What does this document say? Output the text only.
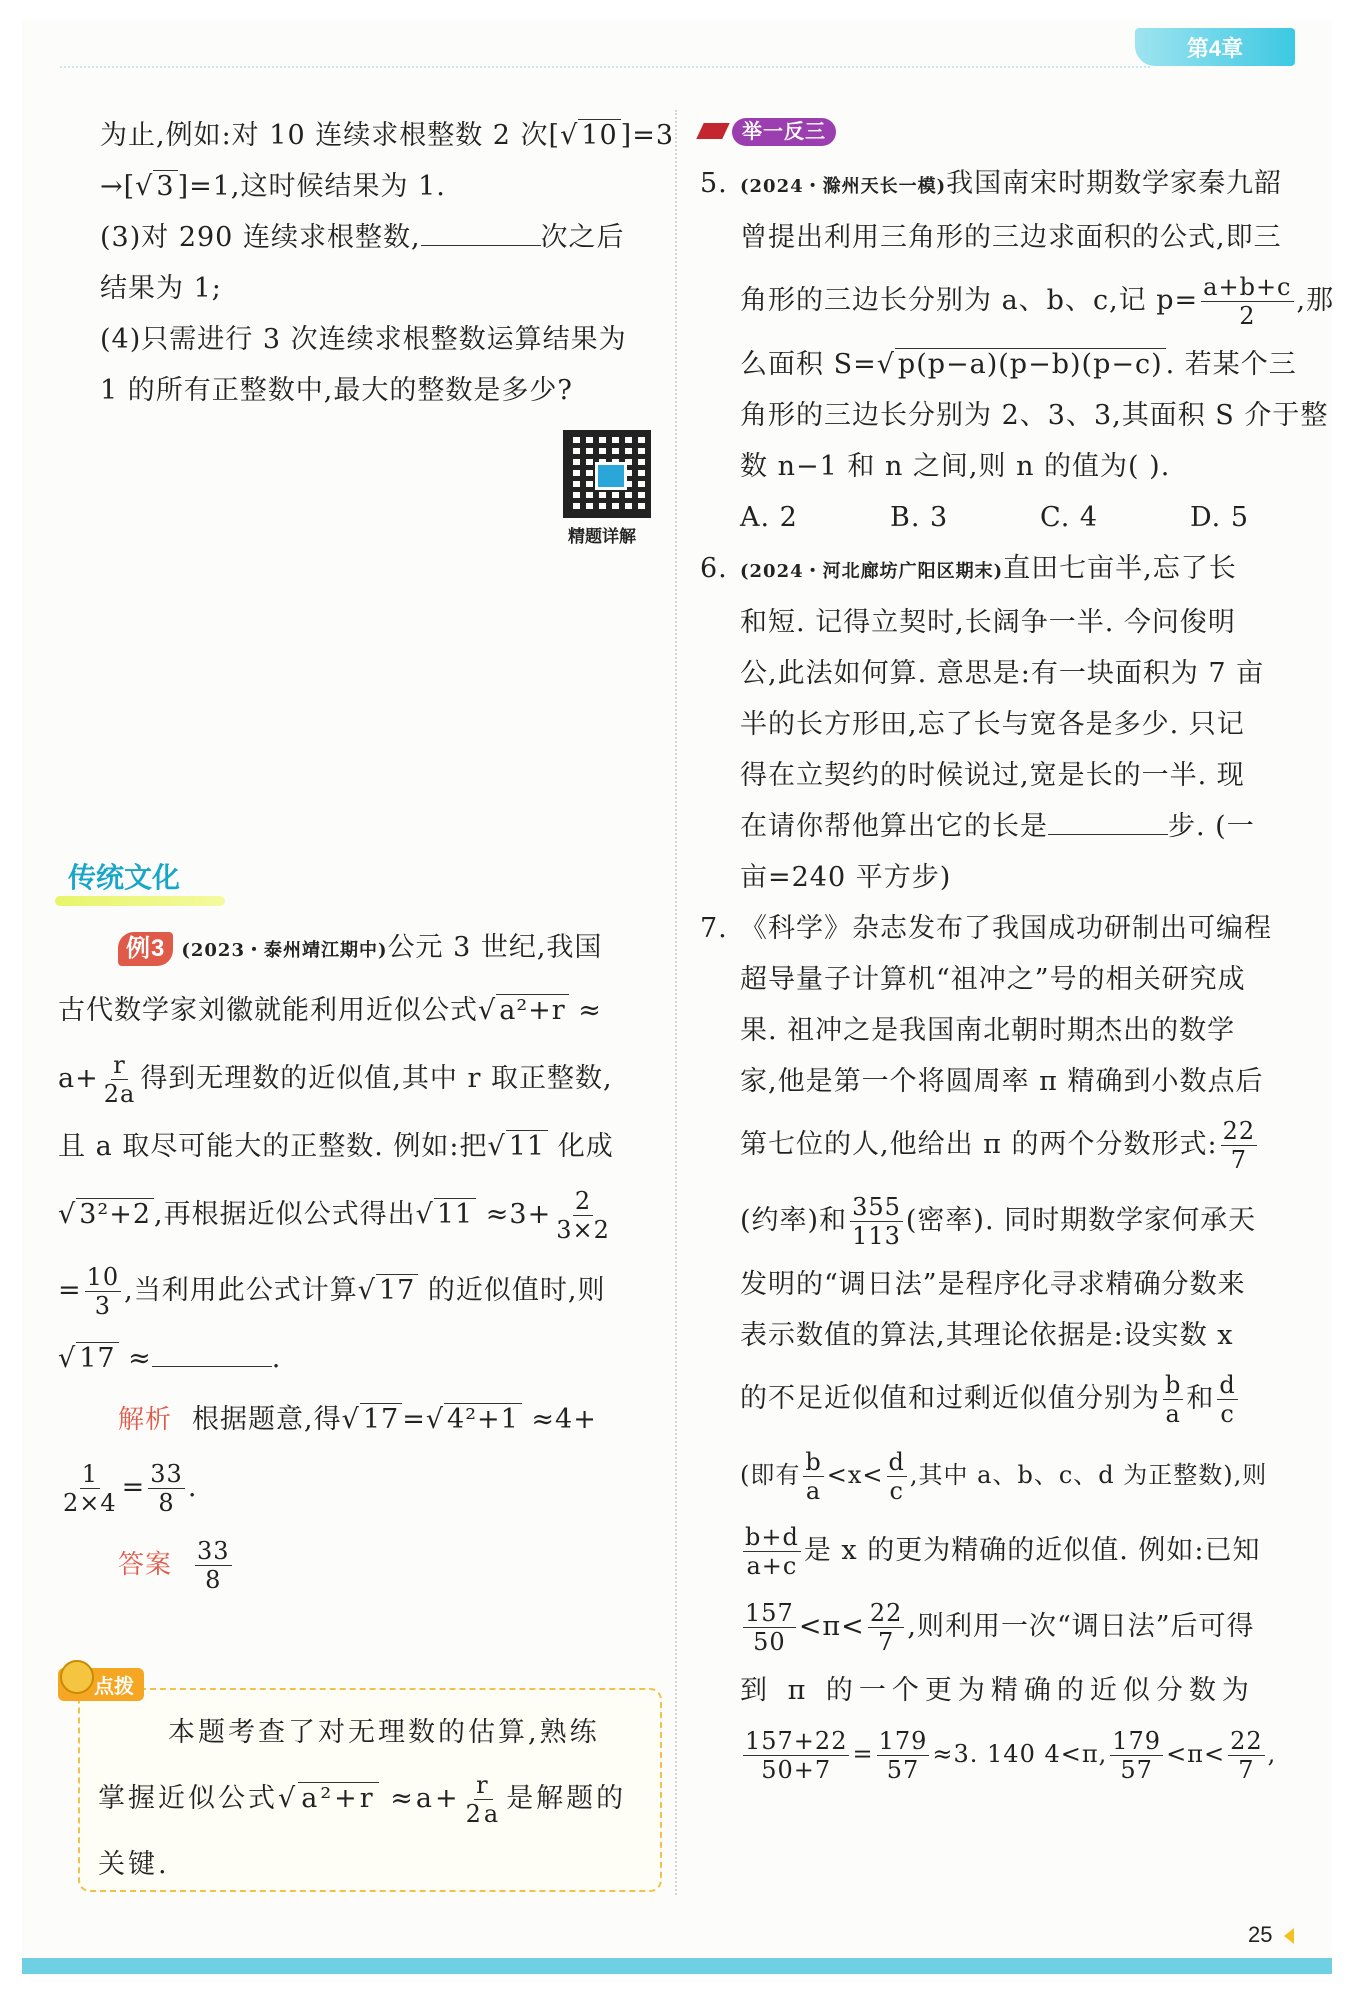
第4章
为止,例如:对 10 连续求根整数 2 次[√ 10 ]=3
→[√ 3 ]=1,这时候结果为 1.
(3)对 290 连续求根整数,	次之后
结果为 1;
(4)只需进行 3 次连续求根整数运算结果为
1 的所有正整数中,最大的整数是多少?
精题详解
传统文化
例3 (2023・泰州靖江期中)公元 3 世纪,我国
古代数学家刘徽就能利用近似公式√ a²+r ≈
$a+ \frac{r}{2a}$ 得到无理数的近似值,其中 r 取正整数,
且 a 取尽可能大的正整数. 例如:把√ 11 化成
√ 3²+2 ,再根据近似公式得出√ $11 \approx 3+ \frac{2}{3\times 2}$
= $\frac{10}{3}$ ,当利用此公式计算√ 17 的近似值时,则
√ 17 ≈	.
解析 根据题意,得√ 17 =√ 4²+1 ≈4+
$\frac{1}{2\times 4} = \frac{33}{8}$ .
答案 $\frac{33}{8}$
点拨
本题考查了对无理数的估算,熟练
掌握近似公式√ $a^2+r \approx a+ \frac{r}{2a}$ 是解题的
关键.
举一反三
5. (2024・滁州天长一模)我国南宋时期数学家秦九韶
曾提出利用三角形的三边求面积的公式,即三
角形的三边长分别为 a、b、c,记 $p= \frac{a+b+c}{2}$ ,那
么面积 S=√ p(p−a)(p−b)(p−c) . 若某个三
角形的三边长分别为 2、3、3,其面积 S 介于整
数 n−1 和 n 之间,则 n 的值为( ).
A. 2	B. 3	C. 4	D. 5
6. (2024・河北廊坊广阳区期末)直田七亩半,忘了长
和短. 记得立契时,长阔争一半. 今问俊明
公,此法如何算. 意思是:有一块面积为 7 亩
半的长方形田,忘了长与宽各是多少. 只记
得在立契约的时候说过,宽是长的一半. 现
在请你帮他算出它的长是	步. (一
亩=240 平方步)
7. 《科学》杂志发布了我国成功研制出可编程
超导量子计算机“祖冲之”号的相关研究成
果. 祖冲之是我国南北朝时期杰出的数学
家,他是第一个将圆周率 π 精确到小数点后
第七位的人,他给出 π 的两个分数形式: $\frac{22}{7}$
(约率)和 $\frac{355}{113}$ (密率). 同时期数学家何承天
发明的“调日法”是程序化寻求精确分数来
表示数值的算法,其理论依据是:设实数 x
的不足近似值和过剩近似值分别为 $\frac{b}{a}$ 和 $\frac{d}{c}$
(即有 $\frac{b}{a} <x< \frac{d}{c}$ ,其中 a、b、c、d 为正整数),则
$\frac{b+d}{a+c}$ 是 x 的更为精确的近似值. 例如:已知
$\frac{157}{50} <\pi< \frac{22}{7}$ ,则利用一次“调日法”后可得
到 π 的一个更为精确的近似分数为
$\frac{157+22}{50+7} = \frac{179}{57} \approx 3$. 140 4<π, $\frac{179}{57} <\pi< \frac{22}{7}$ ,
25
